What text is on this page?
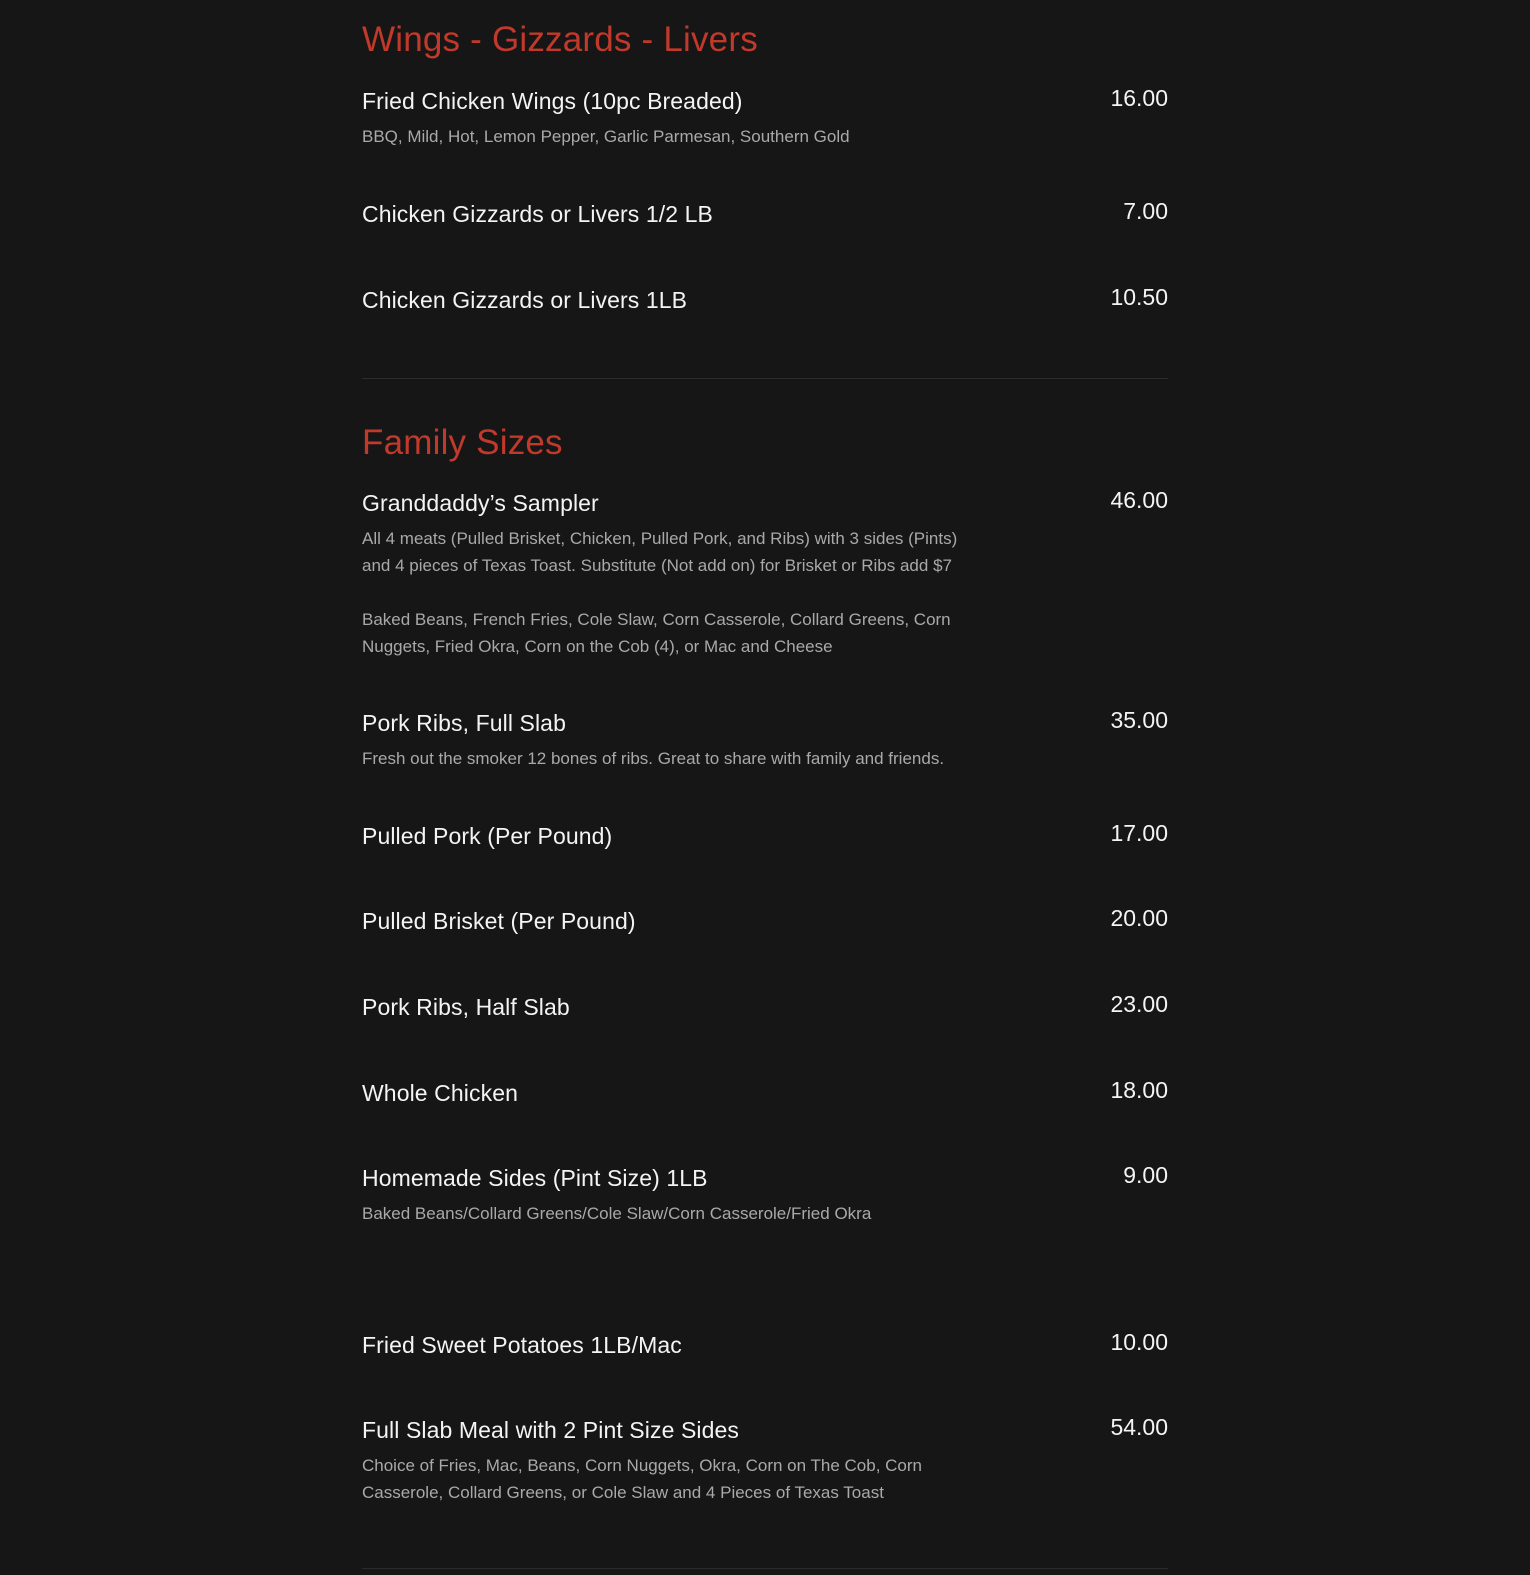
Wings - Gizzards - Livers
Fried Chicken Wings (10pc Breaded)	16.00
BBQ, Mild, Hot, Lemon Pepper, Garlic Parmesan, Southern Gold
Chicken Gizzards or Livers 1/2 LB	7.00
Chicken Gizzards or Livers 1LB	10.50
Family Sizes
Granddaddy’s Sampler	46.00
All 4 meats (Pulled Brisket, Chicken, Pulled Pork, and Ribs) with 3 sides (Pints) and 4 pieces of Texas Toast. Substitute (Not add on) for Brisket or Ribs add $7
Baked Beans, French Fries, Cole Slaw, Corn Casserole, Collard Greens, Corn Nuggets, Fried Okra, Corn on the Cob (4), or Mac and Cheese
Pork Ribs, Full Slab	35.00
Fresh out the smoker 12 bones of ribs. Great to share with family and friends.
Pulled Pork (Per Pound)	17.00
Pulled Brisket (Per Pound)	20.00
Pork Ribs, Half Slab	23.00
Whole Chicken	18.00
Homemade Sides (Pint Size) 1LB	9.00
Baked Beans/Collard Greens/Cole Slaw/Corn Casserole/Fried Okra
Fried Sweet Potatoes 1LB/Mac	10.00
Full Slab Meal with 2 Pint Size Sides	54.00
Choice of Fries, Mac, Beans, Corn Nuggets, Okra, Corn on The Cob, Corn Casserole, Collard Greens, or Cole Slaw and 4 Pieces of Texas Toast
